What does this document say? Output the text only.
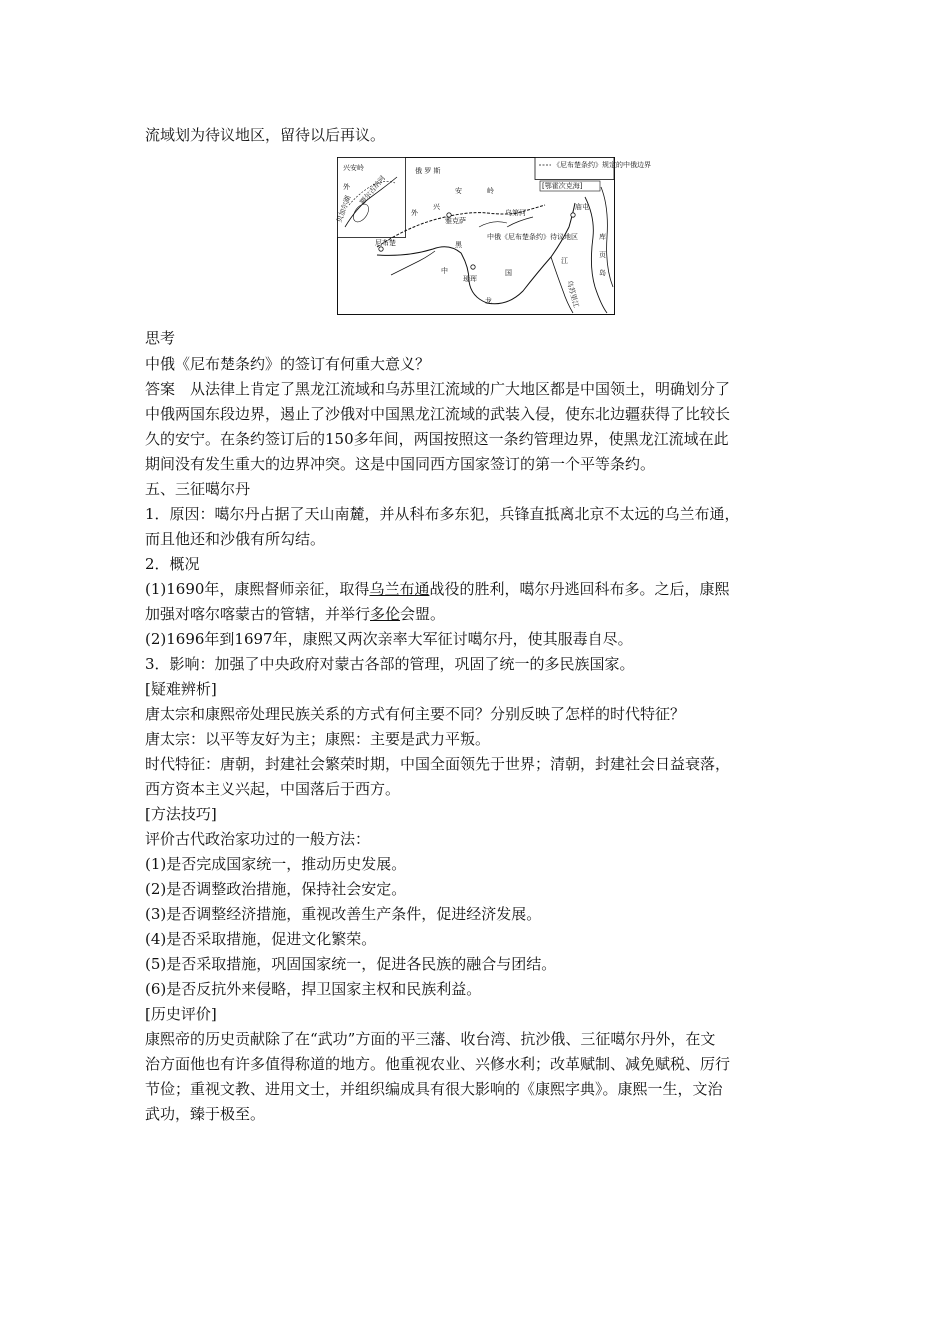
流域划为待议地区，留待以后再议。
兴安岭
外
贝加尔湖
额尔古纳河
俄 罗 斯
外
兴
安	岭
雅克萨
乌第河
[鄂霍次克海]
《尼布楚条约》规定的中俄边界
庙屯
库
页
岛
尼布楚	黑
龙
江
中	国
瑷珲
中俄《尼布楚条约》待议地区
乌苏里江
思考
中俄《尼布楚条约》的签订有何重大意义？
答案　从法律上肯定了黑龙江流域和乌苏里江流域的广大地区都是中国领土，明确划分了
中俄两国东段边界，遏止了沙俄对中国黑龙江流域的武装入侵，使东北边疆获得了比较长
久的安宁。在条约签订后的150多年间，两国按照这一条约管理边界，使黑龙江流域在此
期间没有发生重大的边界冲突。这是中国同西方国家签订的第一个平等条约。
五、三征噶尔丹
1．原因：噶尔丹占据了天山南麓，并从科布多东犯，兵锋直抵离北京不太远的乌兰布通，
而且他还和沙俄有所勾结。
2．概况
(1)1690年，康熙督师亲征，取得乌兰布通战役的胜利，噶尔丹逃回科布多。之后，康熙
加强对喀尔喀蒙古的管辖，并举行多伦会盟。
(2)1696年到1697年，康熙又两次亲率大军征讨噶尔丹，使其服毒自尽。
3．影响：加强了中央政府对蒙古各部的管理，巩固了统一的多民族国家。
[疑难辨析]
唐太宗和康熙帝处理民族关系的方式有何主要不同？分别反映了怎样的时代特征？
唐太宗：以平等友好为主；康熙：主要是武力平叛。
时代特征：唐朝，封建社会繁荣时期，中国全面领先于世界；清朝，封建社会日益衰落，
西方资本主义兴起，中国落后于西方。
[方法技巧]
评价古代政治家功过的一般方法：
(1)是否完成国家统一，推动历史发展。
(2)是否调整政治措施，保持社会安定。
(3)是否调整经济措施，重视改善生产条件，促进经济发展。
(4)是否采取措施，促进文化繁荣。
(5)是否采取措施，巩固国家统一，促进各民族的融合与团结。
(6)是否反抗外来侵略，捍卫国家主权和民族利益。
[历史评价]
康熙帝的历史贡献除了在“武功”方面的平三藩、收台湾、抗沙俄、三征噶尔丹外，在文
治方面他也有许多值得称道的地方。他重视农业、兴修水利；改革赋制、减免赋税、厉行
节俭；重视文教、进用文士，并组织编成具有很大影响的《康熙字典》。康熙一生，文治
武功，臻于极至。
